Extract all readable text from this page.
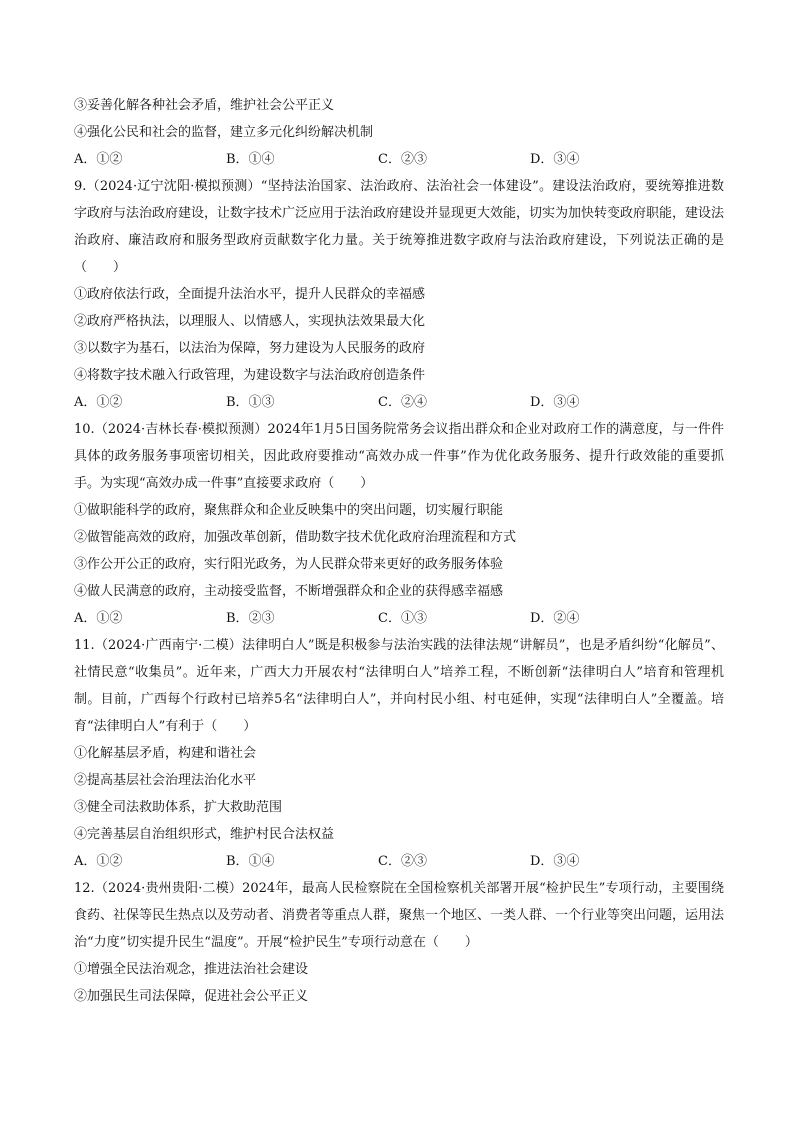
③妥善化解各种社会矛盾，维护社会公平正义

④强化公民和社会的监督，建立多元化纠纷解决机制

A．①②	B．①④	C．②③	D．③④

9.（2024·辽宁沈阳·模拟预测）“坚持法治国家、法治政府、法治社会一体建设”。建设法治政府，要统筹推进数字政府与法治政府建设，让数字技术广泛应用于法治政府建设并显现更大效能，切实为加快转变政府职能，建设法治政府、廉洁政府和服务型政府贡献数字化力量。关于统筹推进数字政府与法治政府建设，下列说法正确的是（　　）

①政府依法行政，全面提升法治水平，提升人民群众的幸福感

②政府严格执法，以理服人、以情感人，实现执法效果最大化

③以数字为基石，以法治为保障，努力建设为人民服务的政府

④将数字技术融入行政管理，为建设数字与法治政府创造条件

A．①②	B．①③	C．②④	D．③④

10.（2024·吉林长春·模拟预测）2024年1月5日国务院常务会议指出群众和企业对政府工作的满意度，与一件件具体的政务服务事项密切相关，因此政府要推动“高效办成一件事”作为优化政务服务、提升行政效能的重要抓手。为实现“高效办成一件事”直接要求政府（　　）

①做职能科学的政府，聚焦群众和企业反映集中的突出问题，切实履行职能

②做智能高效的政府，加强改革创新，借助数字技术优化政府治理流程和方式

③作公开公正的政府，实行阳光政务，为人民群众带来更好的政务服务体验

④做人民满意的政府，主动接受监督，不断增强群众和企业的获得感幸福感

A．①②	B．②③	C．①③	D．②④

11.（2024·广西南宁·二模）法律明白人”既是积极参与法治实践的法律法规“讲解员”，也是矛盾纠纷“化解员”、社情民意“收集员”。近年来，广西大力开展农村“法律明白人”培养工程，不断创新“法律明白人”培育和管理机制。目前，广西每个行政村已培养5名“法律明白人”，并向村民小组、村屯延伸，实现“法律明白人”全覆盖。培育“法律明白人”有利于（　　）

①化解基层矛盾，构建和谐社会

②提高基层社会治理法治化水平

③健全司法救助体系，扩大救助范围

④完善基层自治组织形式，维护村民合法权益

A．①②	B．①④	C．②③	D．③④

12.（2024·贵州贵阳·二模）2024年，最高人民检察院在全国检察机关部署开展“检护民生”专项行动，主要围绕食药、社保等民生热点以及劳动者、消费者等重点人群，聚焦一个地区、一类人群、一个行业等突出问题，运用法治“力度”切实提升民生“温度”。开展“检护民生”专项行动意在（　　）

①增强全民法治观念，推进法治社会建设

②加强民生司法保障，促进社会公平正义
